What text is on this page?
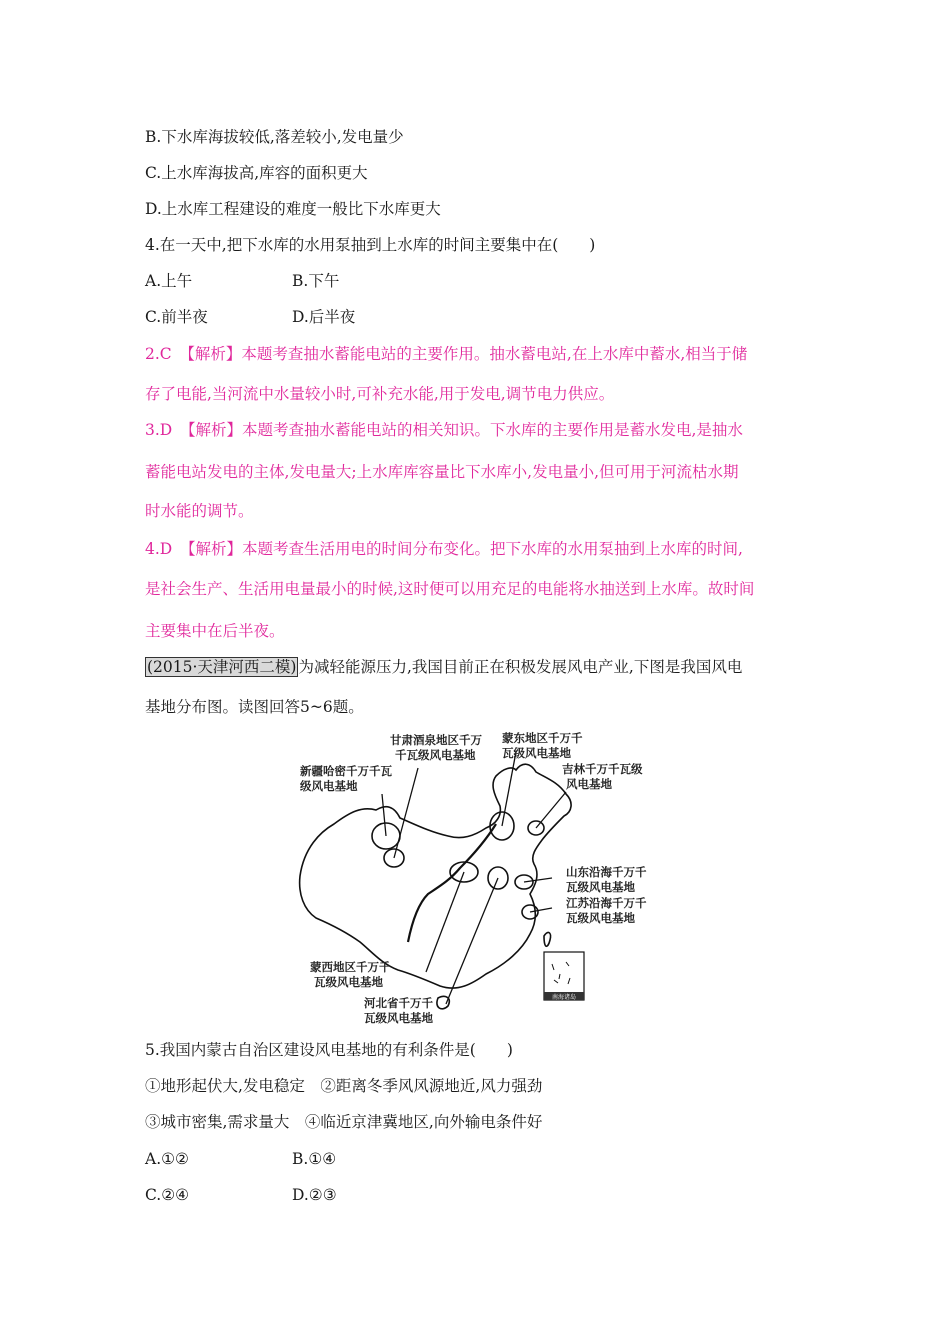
B.下水库海拔较低,落差较小,发电量少
C.上水库海拔高,库容的面积更大
D.上水库工程建设的难度一般比下水库更大
4.在一天中,把下水库的水用泵抽到上水库的时间主要集中在(　　)
A.上午	B.下午
C.前半夜	D.后半夜
2.C　【解析】本题考查抽水蓄能电站的主要作用。抽水蓄电站,在上水库中蓄水,相当于储
存了电能,当河流中水量较小时,可补充水能,用于发电,调节电力供应。
3.D　【解析】本题考查抽水蓄能电站的相关知识。下水库的主要作用是蓄水发电,是抽水
蓄能电站发电的主体,发电量大;上水库库容量比下水库小,发电量小,但可用于河流枯水期
时水能的调节。
4.D　【解析】本题考查生活用电的时间分布变化。把下水库的水用泵抽到上水库的时间,
是社会生产、生活用电量最小的时候,这时便可以用充足的电能将水抽送到上水库。故时间
主要集中在后半夜。
(2015·天津河西二模) 为减轻能源压力,我国目前正在积极发展风电产业,下图是我国风电
基地分布图。读图回答5~6题。
甘肃酒泉地区千万
千瓦级风电基地
蒙东地区千万千
瓦级风电基地
新疆哈密千万千瓦
级风电基地
吉林千万千瓦级
风电基地
山东沿海千万千
瓦级风电基地
江苏沿海千万千
瓦级风电基地
蒙西地区千万千
瓦级风电基地
河北省千万千
瓦级风电基地
南海诸岛
5.我国内蒙古自治区建设风电基地的有利条件是(　　)
①地形起伏大,发电稳定　②距离冬季风风源地近,风力强劲
③城市密集,需求量大　④临近京津冀地区,向外输电条件好
A.①②	B.①④
C.②④	D.②③
